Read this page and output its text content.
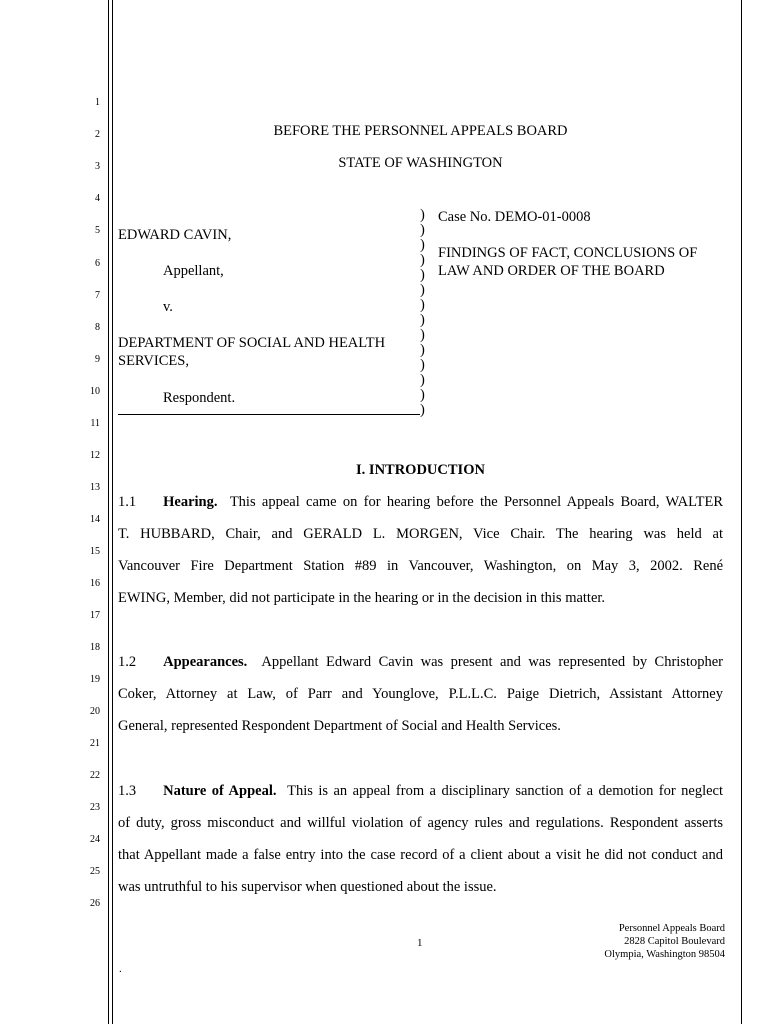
1
2
3
4
5
6
7
8
9
10
11
12
13
14
15
16
17
18
19
20
21
22
23
24
25
26
BEFORE THE PERSONNEL APPEALS BOARD
STATE OF WASHINGTON
EDWARD CAVIN,
Appellant,
v.
DEPARTMENT OF SOCIAL AND HEALTH
SERVICES,
Respondent.
)
)
)
)
)
)
)
)
)
)
)
)
)
)
Case No. DEMO-01-0008
FINDINGS OF FACT, CONCLUSIONS OF
LAW AND ORDER OF THE BOARD
I. INTRODUCTION
1.1 Hearing. This appeal came on for hearing before the Personnel Appeals Board, WALTER
T. HUBBARD, Chair, and GERALD L. MORGEN, Vice Chair. The hearing was held at
Vancouver Fire Department Station #89 in Vancouver, Washington, on May 3, 2002. René
EWING, Member, did not participate in the hearing or in the decision in this matter.
1.2 Appearances. Appellant Edward Cavin was present and was represented by Christopher
Coker, Attorney at Law, of Parr and Younglove, P.L.L.C. Paige Dietrich, Assistant Attorney
General, represented Respondent Department of Social and Health Services.
1.3 Nature of Appeal. This is an appeal from a disciplinary sanction of a demotion for neglect
of duty, gross misconduct and willful violation of agency rules and regulations. Respondent asserts
that Appellant made a false entry into the case record of a client about a visit he did not conduct and
was untruthful to his supervisor when questioned about the issue.
1
Personnel Appeals Board
2828 Capitol Boulevard
Olympia, Washington 98504
.
